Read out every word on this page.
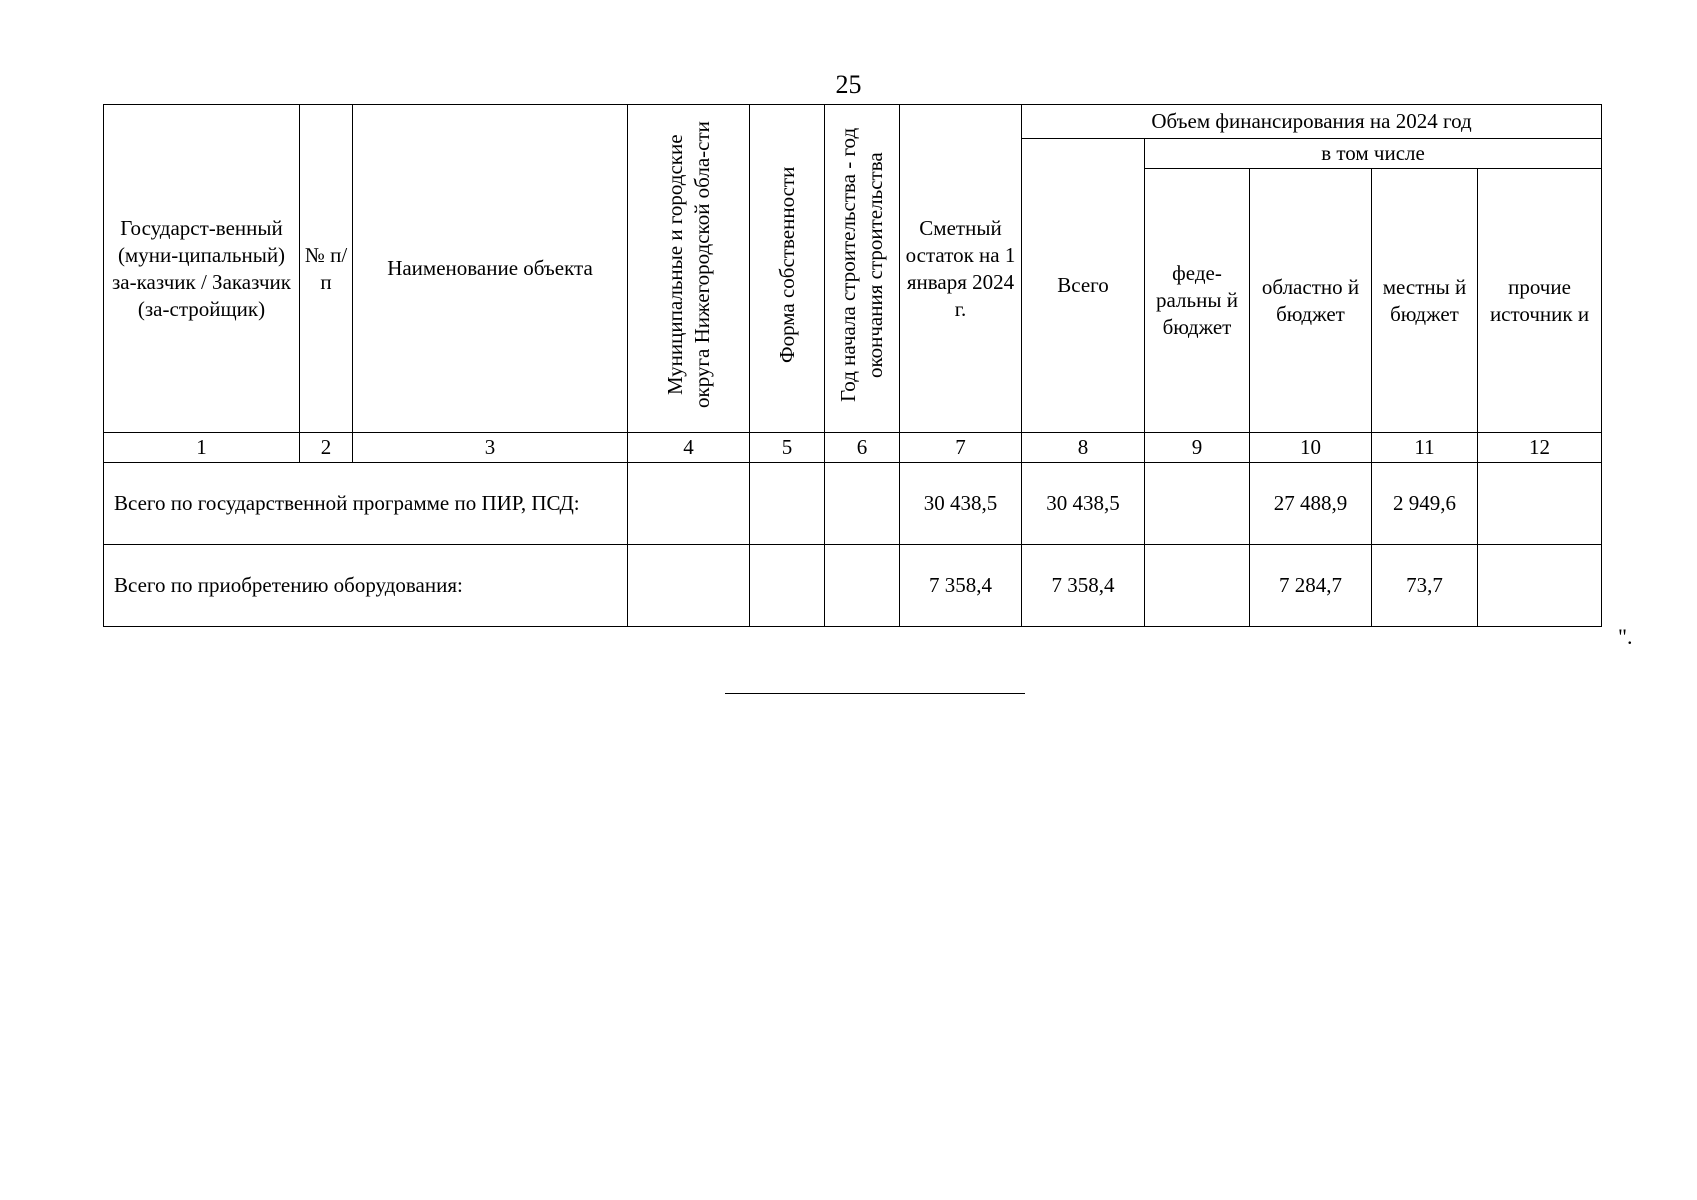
25
Государст-венный (муни-ципальный) за-казчик / Заказчик (за-стройщик)	№ п/п	Наименование объекта	Муниципальные и городские округа Нижегородской обла-сти	Форма собственности	Год начала строительства - год окончания строительства	Сметный остаток на 1 января 2024 г.	Объем финансирования на 2024 год				
							Всего	в том числе			
								феде-ральны й бюджет	областно й бюджет	местны й бюджет	прочие источник и
1	2	3	4	5	6	7	8	9	10	11	12
Всего по государственной программе по ПИР, ПСД:						30 438,5	30 438,5		27 488,9	2 949,6	
Всего по приобретению оборудования:						7 358,4	7 358,4		7 284,7	73,7	
".
